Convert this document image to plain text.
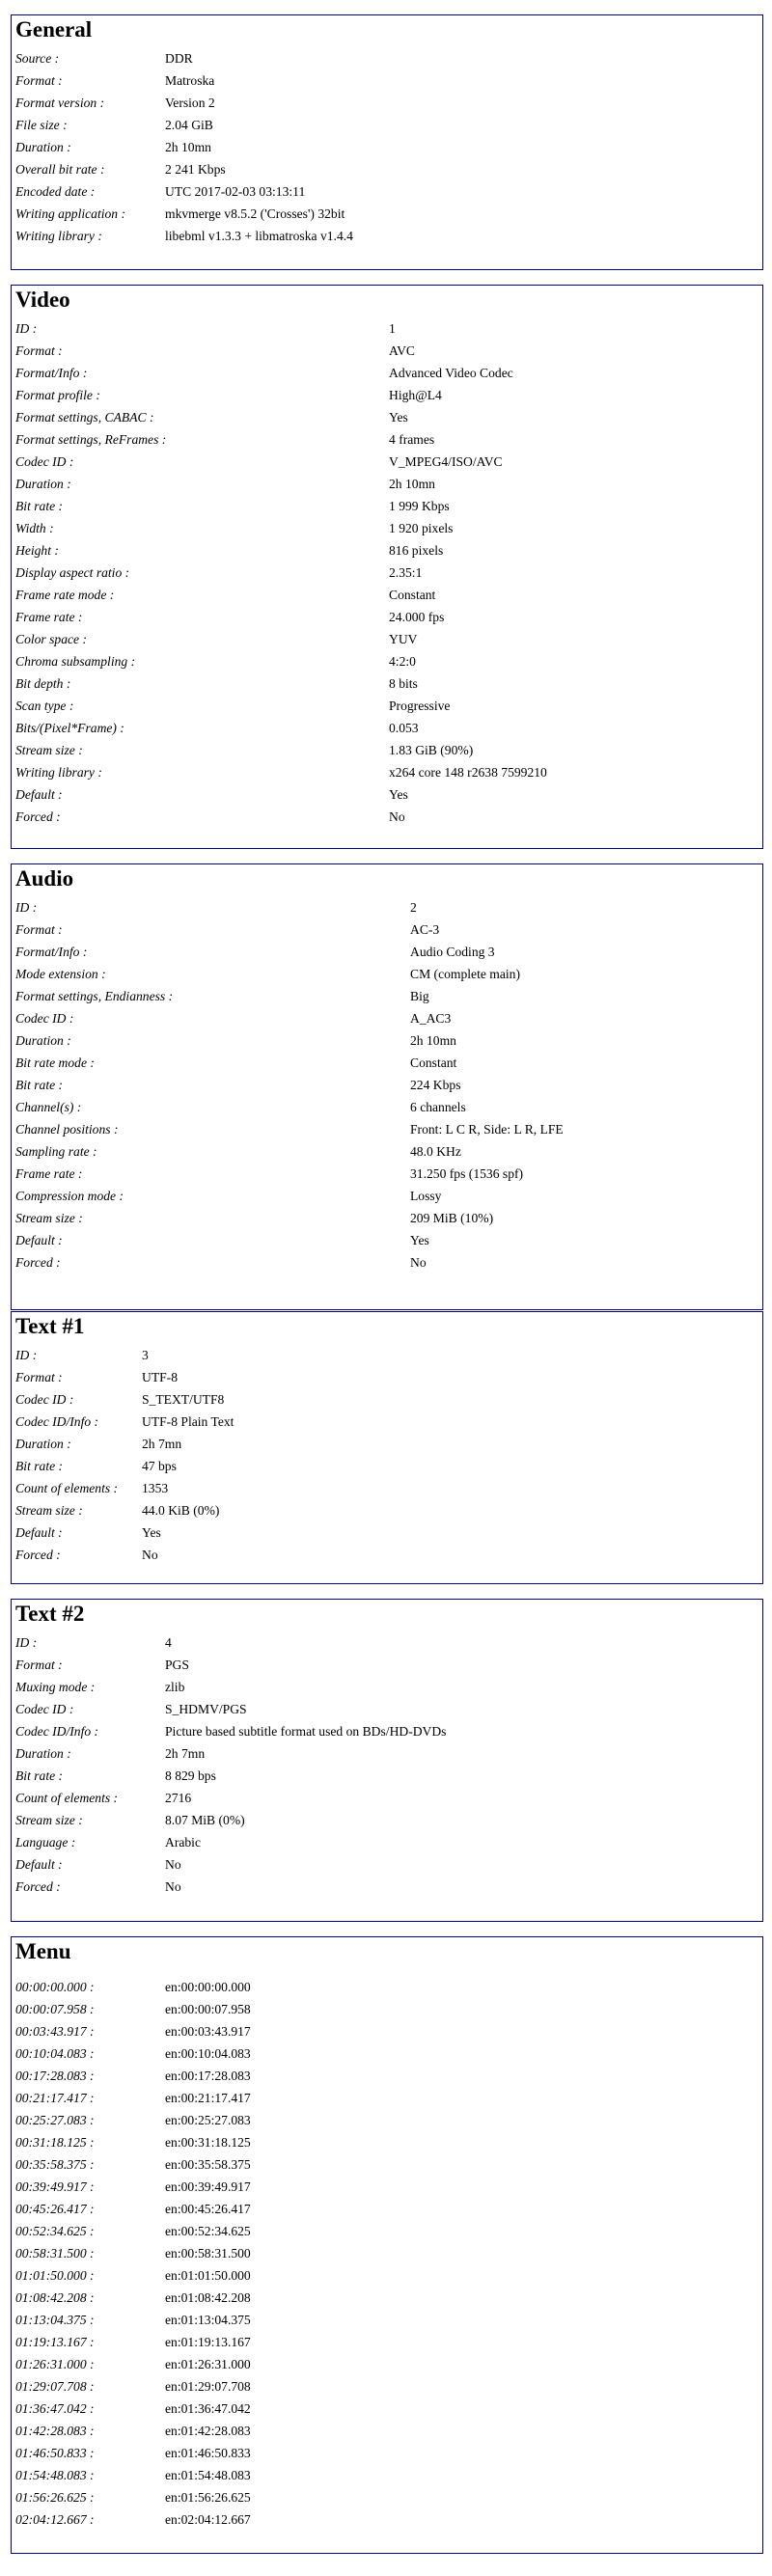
General
Source :	DDR
Format :	Matroska
Format version :	Version 2
File size :	2.04 GiB
Duration :	2h 10mn
Overall bit rate :	2 241 Kbps
Encoded date :	UTC 2017-02-03 03:13:11
Writing application :	mkvmerge v8.5.2 ('Crosses') 32bit
Writing library :	libebml v1.3.3 + libmatroska v1.4.4
Video
ID :	1
Format :	AVC
Format/Info :	Advanced Video Codec
Format profile :	High@L4
Format settings, CABAC :	Yes
Format settings, ReFrames :	4 frames
Codec ID :	V_MPEG4/ISO/AVC
Duration :	2h 10mn
Bit rate :	1 999 Kbps
Width :	1 920 pixels
Height :	816 pixels
Display aspect ratio :	2.35:1
Frame rate mode :	Constant
Frame rate :	24.000 fps
Color space :	YUV
Chroma subsampling :	4:2:0
Bit depth :	8 bits
Scan type :	Progressive
Bits/(Pixel*Frame) :	0.053
Stream size :	1.83 GiB (90%)
Writing library :	x264 core 148 r2638 7599210
Default :	Yes
Forced :	No
Audio
ID :	2
Format :	AC-3
Format/Info :	Audio Coding 3
Mode extension :	CM (complete main)
Format settings, Endianness :	Big
Codec ID :	A_AC3
Duration :	2h 10mn
Bit rate mode :	Constant
Bit rate :	224 Kbps
Channel(s) :	6 channels
Channel positions :	Front: L C R, Side: L R, LFE
Sampling rate :	48.0 KHz
Frame rate :	31.250 fps (1536 spf)
Compression mode :	Lossy
Stream size :	209 MiB (10%)
Default :	Yes
Forced :	No
Text #1
ID :	3
Format :	UTF-8
Codec ID :	S_TEXT/UTF8
Codec ID/Info :	UTF-8 Plain Text
Duration :	2h 7mn
Bit rate :	47 bps
Count of elements : 1353
Stream size :	44.0 KiB (0%)
Default :	Yes
Forced :	No
Text #2
ID :	4
Format :	PGS
Muxing mode :	zlib
Codec ID :	S_HDMV/PGS
Codec ID/Info :	Picture based subtitle format used on BDs/HD-DVDs
Duration :	2h 7mn
Bit rate :	8 829 bps
Count of elements :	2716
Stream size :	8.07 MiB (0%)
Language :	Arabic
Default :	No
Forced :	No
Menu
00:00:00.000 :	en:00:00:00.000
00:00:07.958 :	en:00:00:07.958
00:03:43.917 :	en:00:03:43.917
00:10:04.083 :	en:00:10:04.083
00:17:28.083 :	en:00:17:28.083
00:21:17.417 :	en:00:21:17.417
00:25:27.083 :	en:00:25:27.083
00:31:18.125 :	en:00:31:18.125
00:35:58.375 :	en:00:35:58.375
00:39:49.917 :	en:00:39:49.917
00:45:26.417 :	en:00:45:26.417
00:52:34.625 :	en:00:52:34.625
00:58:31.500 :	en:00:58:31.500
01:01:50.000 :	en:01:01:50.000
01:08:42.208 :	en:01:08:42.208
01:13:04.375 :	en:01:13:04.375
01:19:13.167 :	en:01:19:13.167
01:26:31.000 :	en:01:26:31.000
01:29:07.708 :	en:01:29:07.708
01:36:47.042 :	en:01:36:47.042
01:42:28.083 :	en:01:42:28.083
01:46:50.833 :	en:01:46:50.833
01:54:48.083 :	en:01:54:48.083
01:56:26.625 :	en:01:56:26.625
02:04:12.667 :	en:02:04:12.667
